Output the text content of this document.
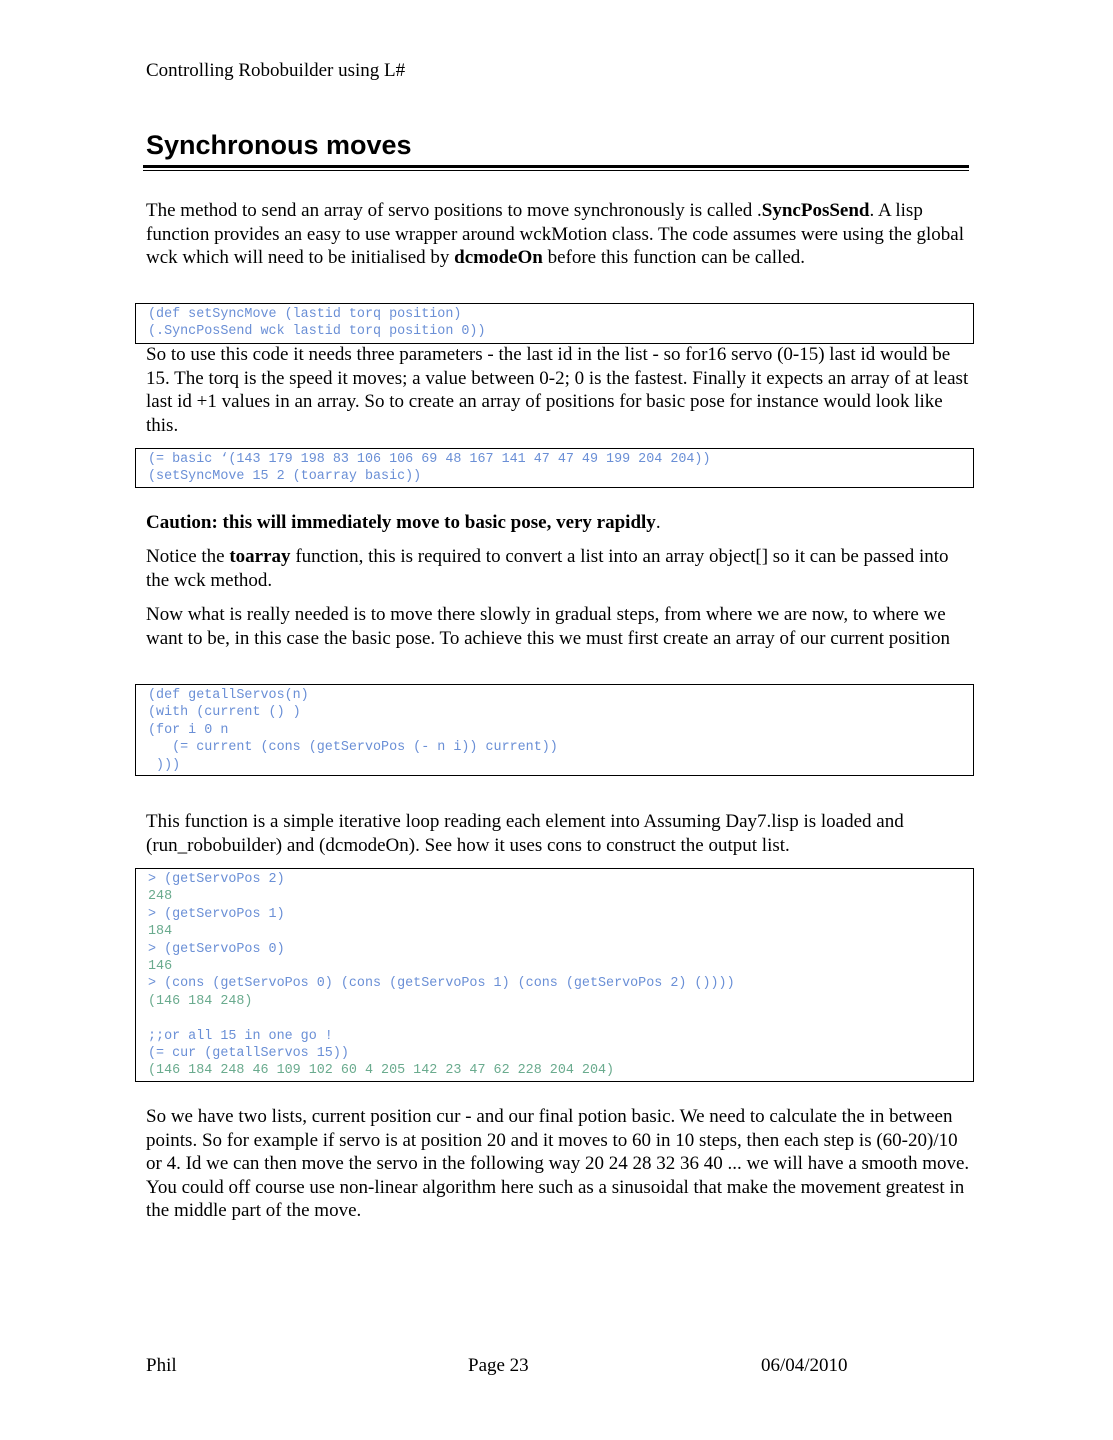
Controlling Robobuilder using L#
Synchronous moves
The method to send an array of servo positions to move synchronously is called .SyncPosSend. A lisp function provides an easy to use wrapper around wckMotion class. The code assumes were using the global wck which will need to be initialised by dcmodeOn before this function can be called.
(def setSyncMove (lastid torq position)
(.SyncPosSend wck lastid torq position 0))
So to use this code it needs three parameters - the last id in the list - so for16 servo (0-15) last id would be 15. The torq is the speed it moves; a value between 0-2; 0 is the fastest. Finally it expects an array of at least last id +1 values in an array. So to create an array of positions for basic pose for instance would look like this.
(= basic ‘(143 179 198 83 106 106 69 48 167 141 47 47 49 199 204 204))
(setSyncMove 15 2 (toarray basic))
Caution: this will immediately move to basic pose, very rapidly.
Notice the toarray function, this is required to convert a list into an array object[] so it can be passed into the wck method.
Now what is really needed is to move there slowly in gradual steps, from where we are now, to where we want to be, in this case the basic pose. To achieve this we must first create an array of our current position
(def getallServos(n)
(with (current () )
(for i 0 n
(= current (cons (getServoPos (- n i)) current))
)))
This function is a simple iterative loop reading each element into Assuming Day7.lisp is loaded and (run_robobuilder) and (dcmodeOn). See how it uses cons to construct the output list.
> (getServoPos 2)
248
> (getServoPos 1)
184
> (getServoPos 0)
146
> (cons (getServoPos 0) (cons (getServoPos 1) (cons (getServoPos 2) ())))
(146 184 248)
;;or all 15 in one go !
(= cur (getallServos 15))
(146 184 248 46 109 102 60 4 205 142 23 47 62 228 204 204)
So we have two lists, current position cur - and our final potion basic. We need to calculate the in between points. So for example if servo is at position 20 and it moves to 60 in 10 steps, then each step is (60-20)/10 or 4. Id we can then move the servo in the following way 20 24 28 32 36 40 ... we will have a smooth move. You could off course use non-linear algorithm here such as a sinusoidal that make the movement greatest in the middle part of the move.
Phil	Page 23	06/04/2010
